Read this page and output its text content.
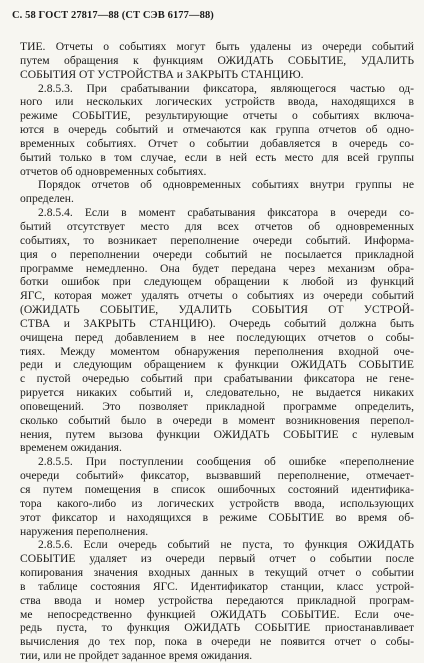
С. 58 ГОСТ 27817—88 (СТ СЭВ 6177—88)
ТИЕ. Отчеты о событиях могут быть удалены из очереди событий
путем обращения к функциям ОЖИДАТЬ СОБЫТИЕ, УДАЛИТЬ
СОБЫТИЯ ОТ УСТРОЙСТВА и ЗАКРЫТЬ СТАНЦИЮ.
2.8.5.3. При срабатывании фиксатора, являющегося частью од-
ного или нескольких логических устройств ввода, находящихся в
режиме СОБЫТИЕ, результирующие отчеты о событиях включа-
ются в очередь событий и отмечаются как группа отчетов об одно-
временных событиях. Отчет о событии добавляется в очередь со-
бытий только в том случае, если в ней есть место для всей группы
отчетов об одновременных событиях.
Порядок отчетов об одновременных событиях внутри группы не
определен.
2.8.5.4. Если в момент срабатывания фиксатора в очереди со-
бытий отсутствует место для всех отчетов об одновременных
событиях, то возникает переполнение очереди событий. Информа-
ция о переполнении очереди событий не посылается прикладной
программе немедленно. Она будет передана через механизм обра-
ботки ошибок при следующем обращении к любой из функций
ЯГС, которая может удалять отчеты о событиях из очереди событий
(ОЖИДАТЬ СОБЫТИЕ, УДАЛИТЬ СОБЫТИЯ ОТ УСТРОЙ-
СТВА и ЗАКРЫТЬ СТАНЦИЮ). Очередь событий должна быть
очищена перед добавлением в нее последующих отчетов о собы-
тиях. Между моментом обнаружения переполнения входной оче-
реди и следующим обращением к функции ОЖИДАТЬ СОБЫТИЕ
с пустой очередью событий при срабатывании фиксатора не гене-
рируется никаких событий и, следовательно, не выдается никаких
оповещений. Это позволяет прикладной программе определить,
сколько событий было в очереди в момент возникновения перепол-
нения, путем вызова функции ОЖИДАТЬ СОБЫТИЕ с нулевым
временем ожидания.
2.8.5.5. При поступлении сообщения об ошибке «переполнение
очереди событий» фиксатор, вызвавший переполнение, отмечает-
ся путем помещения в список ошибочных состояний идентифика-
тора какого-либо из логических устройств ввода, использующих
этот фиксатор и находящихся в режиме СОБЫТИЕ во время об-
наружения переполнения.
2.8.5.6. Если очередь событий не пуста, то функция ОЖИДАТЬ
СОБЫТИЕ удаляет из очереди первый отчет о событии после
копирования значения входных данных в текущий отчет о событии
в таблице состояния ЯГС. Идентификатор станции, класс устрой-
ства ввода и номер устройства передаются прикладной програм-
ме непосредственно функцией ОЖИДАТЬ СОБЫТИЕ. Если оче-
редь пуста, то функция ОЖИДАТЬ СОБЫТИЕ приостанавливает
вычисления до тех пор, пока в очереди не появится отчет о собы-
тии, или не пройдет заданное время ожидания.
